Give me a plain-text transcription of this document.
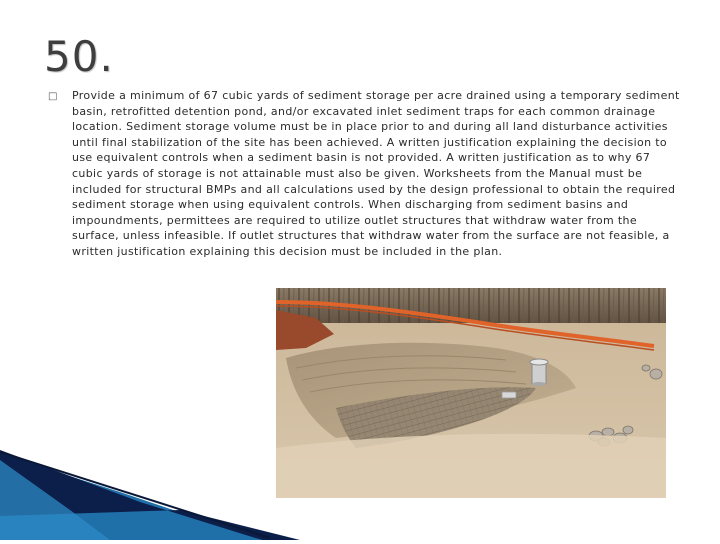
50.
□ Provide a minimum of 67 cubic yards of sediment storage per acre drained using a temporary sediment basin, retrofitted detention pond, and/or excavated inlet sediment traps for each common drainage location. Sediment storage volume must be in place prior to and during all land disturbance activities until final stabilization of the site has been achieved. A written justification explaining the decision to use equivalent controls when a sediment basin is not provided. A written justification as to why 67 cubic yards of storage is not attainable must also be given. Worksheets from the Manual must be included for structural BMPs and all calculations used by the design professional to obtain the required sediment storage when using equivalent controls. When discharging from sediment basins and impoundments, permittees are required to utilize outlet structures that withdraw water from the surface, unless infeasible. If outlet structures that withdraw water from the surface are not feasible, a written justification explaining this decision must be included in the plan.
